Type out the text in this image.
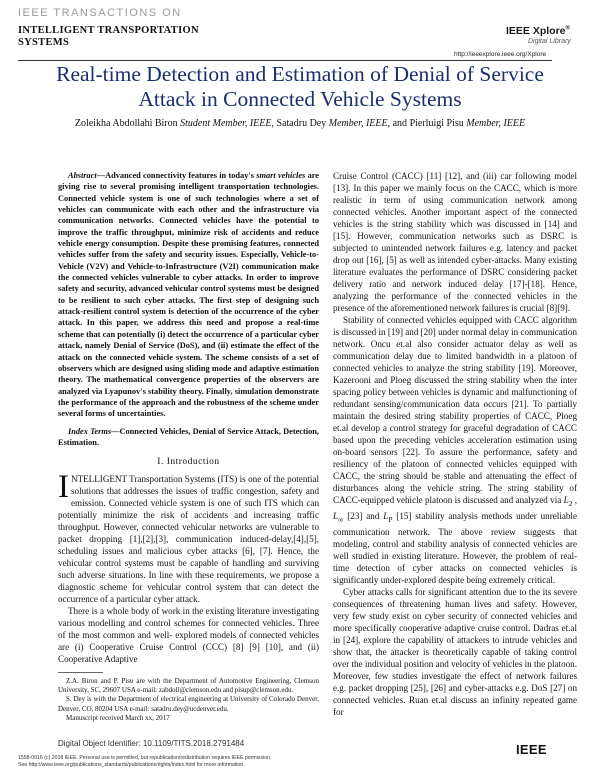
IEEE TRANSACTIONS ON
INTELLIGENT TRANSPORTATION
SYSTEMS
IEEE Xplore®
Digital Library
http://ieeexplore.ieee.org/Xplore
Real-time Detection and Estimation of Denial of Service Attack in Connected Vehicle Systems
Zoleikha Abdollahi Biron Student Member, IEEE, Satadru Dey Member, IEEE, and Pierluigi Pisu Member, IEEE

Abstract—Advanced connectivity features in today's smart vehicles are giving rise to several promising intelligent transportation technologies. Connected vehicle system is one of such technologies where a set of vehicles can communicate with each other and the infrastructure via communication networks. Connected vehicles have the potential to improve the traffic throughput, minimize risk of accidents and reduce vehicle energy consumption. Despite these promising features, connected vehicles suffer from the safety and security issues. Especially, Vehicle-to-Vehicle (V2V) and Vehicle-to-Infrastructure (V2I) communication make the connected vehicles vulnerable to cyber attacks. In order to improve safety and security, advanced vehicular control systems must be designed to be resilient to such cyber attacks. The first step of designing such attack-resilient control system is detection of the occurrence of the cyber attack. In this paper, we address this need and propose a real-time scheme that can potentially (i) detect the occurrence of a particular cyber attack, namely Denial of Service (DoS), and (ii) estimate the effect of the attack on the connected vehicle system. The scheme consists of a set of observers which are designed using sliding mode and adaptive estimation theory. The mathematical convergence properties of the observers are analyzed via Lyapunov's stability theory. Finally, simulation demonstrate the performance of the approach and the robustness of the scheme under several forms of uncertainties.

Index Terms—Connected Vehicles, Denial of Service Attack, Detection, Estimation.

I. Introduction

INTELLIGENT Transportation Systems (ITS) is one of the potential solutions that addresses the issues of traffic congestion, safety and emission. Connected vehicle system is one of such ITS which can potentially minimize the risk of accidents and increasing traffic throughput. However, connected vehicular networks are vulnerable to packet dropping [1],[2],[3], communication induced-delay,[4],[5], scheduling issues and malicious cyber attacks [6], [7]. Hence, the vehicular control systems must be capable of handling and surviving such adverse situations. In line with these requirements, we propose a diagnostic scheme for vehicular control system that can detect the occurrence of a particular cyber attack.

There is a whole body of work in the existing literature investigating various modelling and control schemes for connected vehicles. Three of the most common and well- explored models of connected vehicles are (i) Cooperative Cruise Control (CCC) [8] [9] [10], and (ii) Cooperative Adaptive

Z.A. Biron and P. Pisu are with the Department of Automotive Engineering, Clemson University, SC, 29607 USA e-mail: zabdoll@clemson.edu and pisup@clemson.edu.
S. Dey is with the Department of electrical engineering at University of Colorado Denver, Denver, CO, 80204 USA e-mail: satadru.dey@ucdenver.edu.
Manuscript received March xx, 2017
Digital Object Identifier: 10.1109/TITS.2018.2791484

Cruise Control (CACC) [11] [12], and (iii) car following model [13]. In this paper we mainly focus on the CACC, which is more realistic in term of using communication network among connected vehicles. Another important aspect of the connected vehicles is the string stability which was discussed in [14] and [15]. However, communication networks such as DSRC is subjected to unintended network failures e.g. latency and packet drop out [16], [5] as well as intended cyber-attacks. Many existing literature evaluates the performance of DSRC considering packet delivery ratio and network induced delay [17]-[18]. Hence, analyzing the performance of the connected vehicles in the presence of the aforementioned network failures is crucial [8][9].

Stability of connected vehicles equipped with CACC algorithm is discussed in [19] and [20] under normal delay in communication network. Oncu et.al also consider actuator delay as well as communication delay due to limited bandwidth in a platoon of connected vehicles to analyze the string stability [19]. Moreover, Kazerooni and Ploeg discussed the string stability when the inter spacing policy between vehicles is dynamic and malfunctioning of redundant sensing/communication data occurs [21]. To partially maintain the desired string stability properties of CACC, Ploeg et.al develop a control strategy for graceful degradation of CACC based upon the preceding vehicles acceleration estimation using on-board sensors [22]. To assure the performance, safety and resiliency of the platoon of connected vehicles equipped with CACC, the string should be stable and attenuating the effect of disturbances along the vehicle string. The string stability of CACC-equipped vehicle platoon is discussed and analyzed via $L_2$ , $L_\infty$ [23] and $L_P$ [15] stability analysis methods under unreliable communication network. The above review suggests that modeling, control and stability analysis of connected vehicles are well studied in existing literature. However, the problem of real-time detection of cyber attacks on connected vehicles is significantly under-explored despite being extremely critical.

Cyber attacks calls for significant attention due to the its severe consequences of threatening human lives and safety. However, very few study exist on cyber security of connected vehicles and more specifically cooperative adaptive cruise control. Dadras et.al in [24], explore the capability of attackers to intrude vehicles and show that, the attacker is theoretically capable of taking control over the individual position and velocity of vehicles in the platoon. Moreover, few studies investigate the effect of network failures e.g. packet dropping [25], [26] and cyber-attacks e.g. DoS [27] on connected vehicles. Ruan et.al discuss an infinity repeated game for

1558-0016 (c) 2018 IEEE. Personal use is permitted, but republication/redistribution requires IEEE permission.
See http://www.ieee.org/publications_standards/publications/rights/index.html for more information.
IEEE
